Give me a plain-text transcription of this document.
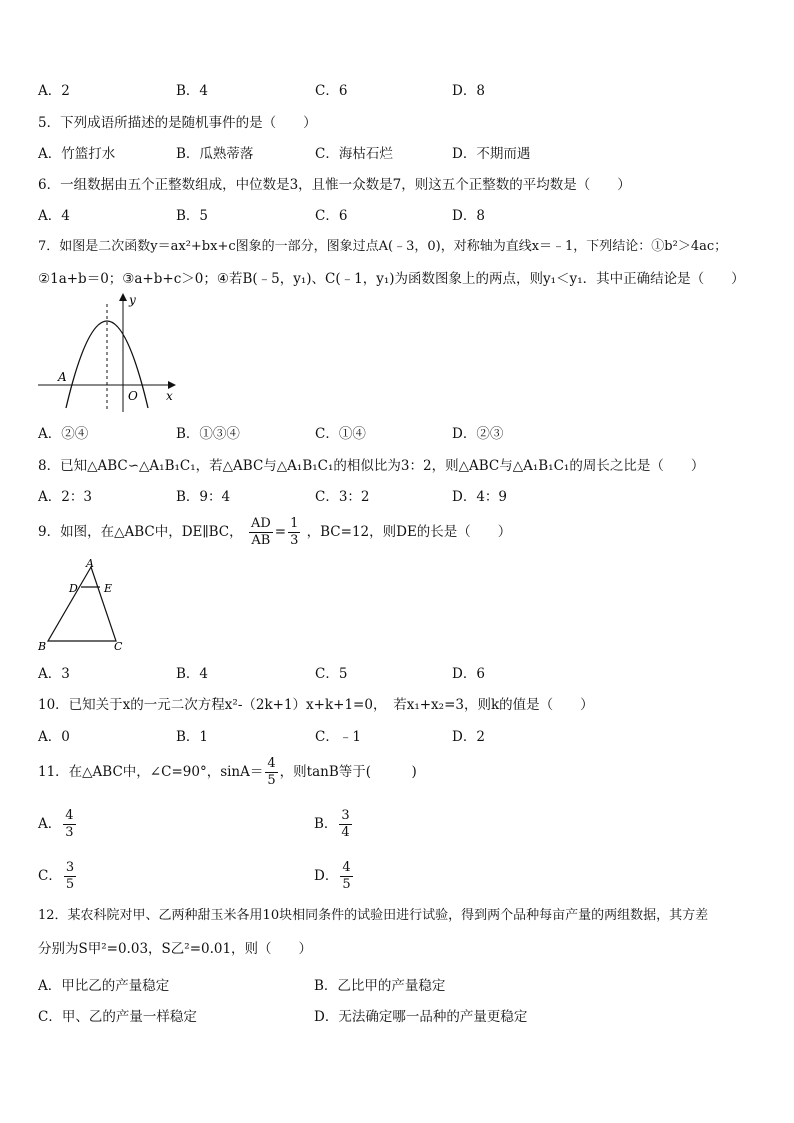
A．2	B．4	C．6	D．8
5．下列成语所描述的是随机事件的是（　　）
A．竹篮打水	B．瓜熟蒂落	C．海枯石烂	D．不期而遇
6．一组数据由五个正整数组成，中位数是3，且惟一众数是7，则这五个正整数的平均数是（　　）
A．4	B．5	C．6	D．8
7．如图是二次函数y＝ax²+bx+c图象的一部分，图象过点A(﹣3，0)，对称轴为直线x＝﹣1，下列结论：①b²＞4ac；
②1a+b＝0；③a+b+c＞0；④若B(﹣5，y₁)、C(﹣1，y₁)为函数图象上的两点，则y₁＜y₁．其中正确结论是（　　）
A
O x
y
A．②④	B．①③④	C．①④	D．②③
8．已知△ABC∽△A₁B₁C₁，若△ABC与△A₁B₁C₁的相似比为3：2，则△ABC与△A₁B₁C₁的周长之比是（　　）
A．2：3	B．9：4	C．3：2	D．4：9
9．如图，在△ABC中，DE∥BC， $\frac{AD}{AB} = \frac{1}{3}$ ，BC=12，则DE的长是（　　）
A
D E
B	C
A．3	B．4	C．5	D．6
10．已知关于x的一元二次方程x²-（2k+1）x+k+1=0，　若x₁+x₂=3，则k的值是（　　）
A．0	B．1	C．﹣1	D．2
11．在△ABC中，∠C=90°，$\sin A= \frac{4}{5}$ ，则tanB等于(　　　)
A． $\frac{4}{3}$	B． $\frac{3}{4}$
C． $\frac{3}{5}$	D． $\frac{4}{5}$
12．某农科院对甲、乙两种甜玉米各用10块相同条件的试验田进行试验，得到两个品种每亩产量的两组数据，其方差
分别为S甲²=0.03，S乙²=0.01，则（　　）
A．甲比乙的产量稳定	B．乙比甲的产量稳定
C．甲、乙的产量一样稳定	D．无法确定哪一品种的产量更稳定
